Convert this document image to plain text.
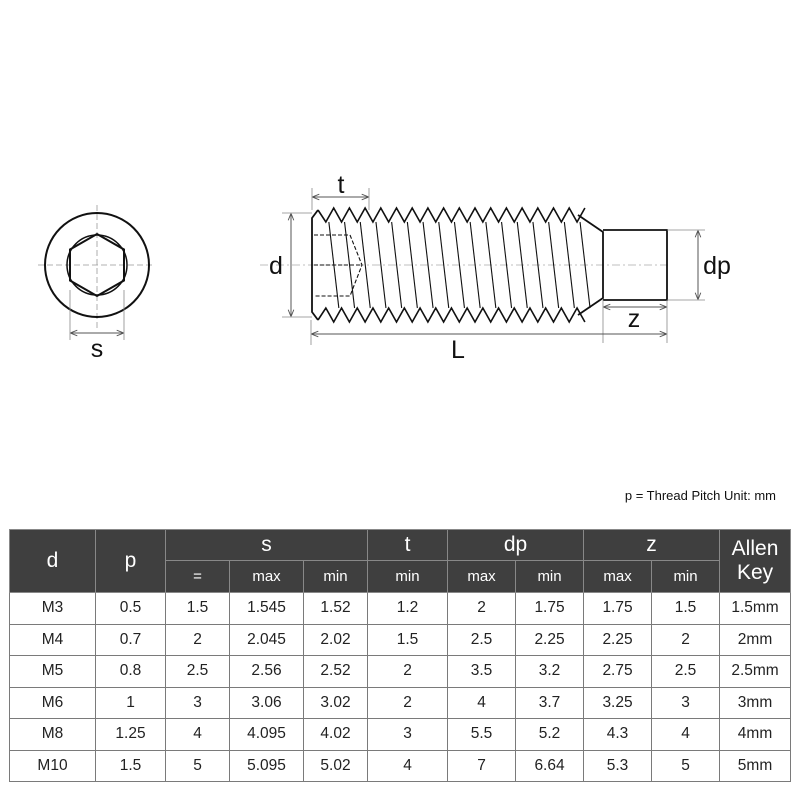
s
t
d	dp
z
L
p = Thread Pitch Unit: mm
d	p	s			t	dp		z		Allen Key
		=	max	min	min	max	min	max	min	
M3	0.5	1.5	1.545	1.52	1.2	2	1.75	1.75	1.5	1.5mm
M4	0.7	2	2.045	2.02	1.5	2.5	2.25	2.25	2	2mm
M5	0.8	2.5	2.56	2.52	2	3.5	3.2	2.75	2.5	2.5mm
M6	1	3	3.06	3.02	2	4	3.7	3.25	3	3mm
M8	1.25	4	4.095	4.02	3	5.5	5.2	4.3	4	4mm
M10	1.5	5	5.095	5.02	4	7	6.64	5.3	5	5mm
